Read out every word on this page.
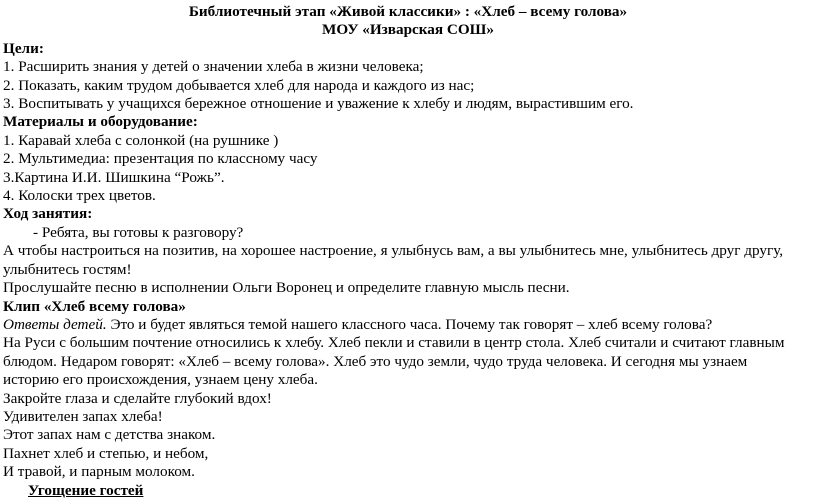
Библиотечный этап «Живой классики» : «Хлеб – всему голова»
МОУ «Изварская СОШ»
Цели:
1. Расширить знания у детей о значении хлеба в жизни человека;
2. Показать, каким трудом добывается хлеб для народа и каждого из нас;
3. Воспитывать у учащихся бережное отношение и уважение к хлебу и людям, вырастившим его.
Материалы и оборудование:
1. Каравай хлеба с солонкой (на рушнике )
2. Мультимедиа: презентация по классному часу
3.Картина И.И. Шишкина “Рожь”.
4. Колоски трех цветов.
Ход занятия:
- Ребята, вы готовы к разговору?
А чтобы настроиться на позитив, на хорошее настроение, я улыбнусь вам, а вы улыбнитесь мне, улыбнитесь друг другу,
улыбнитесь гостям!
Прослушайте песню в исполнении Ольги Воронец и определите главную мысль песни.
Клип «Хлеб всему голова»
Ответы детей. Это и будет являться темой нашего классного часа. Почему так говорят – хлеб всему голова?
На Руси с большим почтение относились к хлебу. Хлеб пекли и ставили в центр стола. Хлеб считали и считают главным
блюдом. Недаром говорят: «Хлеб – всему голова». Хлеб это чудо земли, чудо труда человека. И сегодня мы узнаем
историю его происхождения, узнаем цену хлеба.
Закройте глаза и сделайте глубокий вдох!
Удивителен запах хлеба!
Этот запах нам с детства знаком.
Пахнет хлеб и степью, и небом,
И травой, и парным молоком.
Угощение гостей
